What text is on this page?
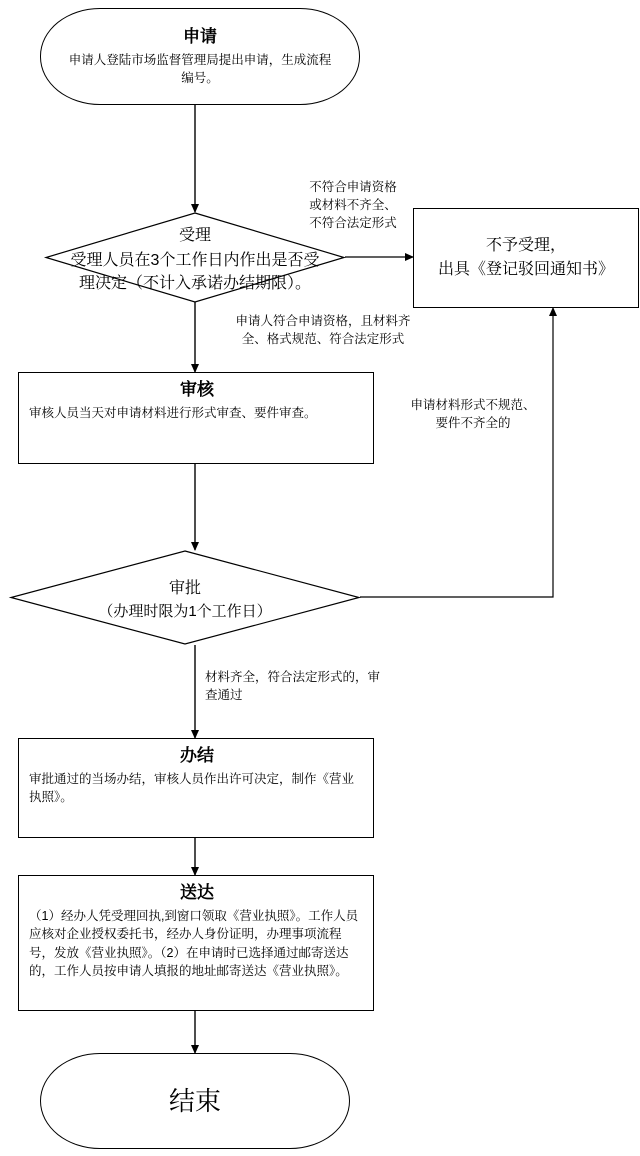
申请
申请人登陆市场监督管理局提出申请，生成流程编号。
受理
受理人员在3个工作日内作出是否受理决定（不计入承诺办结期限）。
不予受理，
出具《登记驳回通知书》
审核
审核人员当天对申请材料进行形式审查、要件审查。
审批
（办理时限为1个工作日）
办结
审批通过的当场办结，审核人员作出许可决定，制作《营业执照》。
送达
（1）经办人凭受理回执,到窗口领取《营业执照》。工作人员应核对企业授权委托书，经办人身份证明，办理事项流程号，发放《营业执照》。（2）在申请时已选择通过邮寄送达的，工作人员按申请人填报的地址邮寄送达《营业执照》。
结束
不符合申请资格
或材料不齐全、
不符合法定形式
申请人符合申请资格，且材料齐
全、格式规范、符合法定形式
申请材料形式不规范、
要件不齐全的
材料齐全，符合法定形式的，审
查通过
